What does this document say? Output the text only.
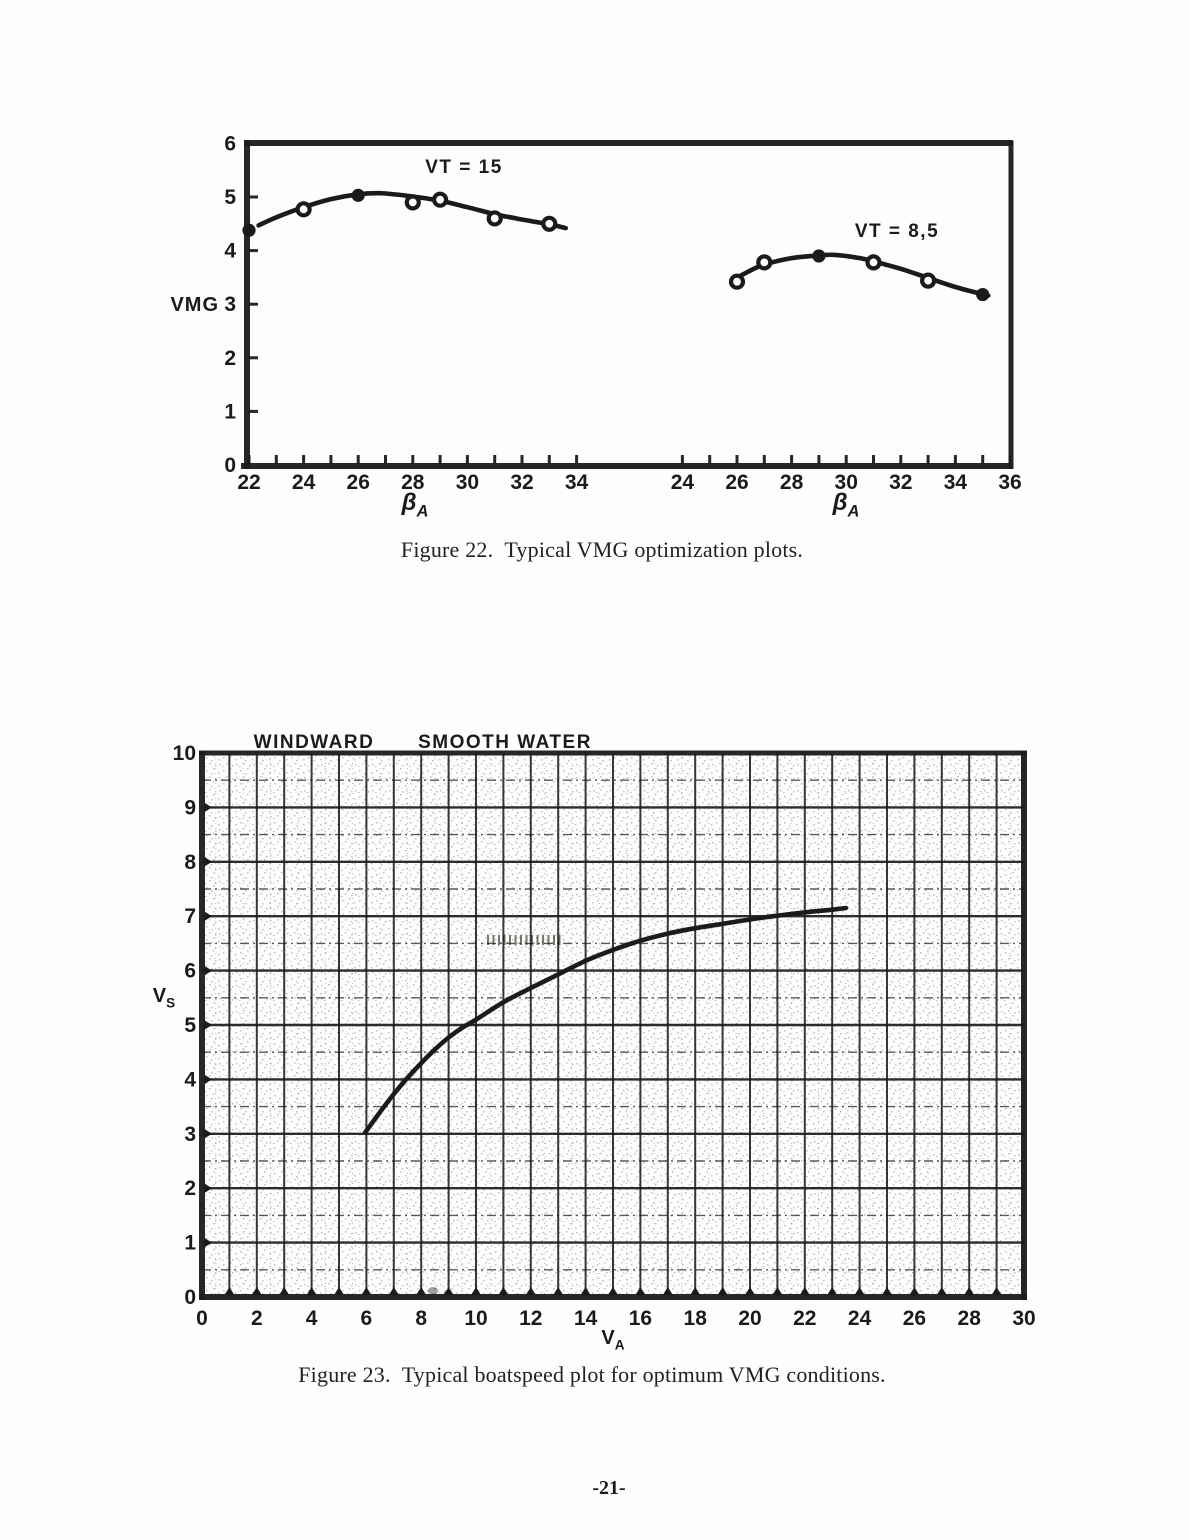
0
1
2
3
4
5
6
VMG
22 24 26 28 30 32 34	24 26 28 30 32 34 36
$\beta_A$	$\beta_A$
VT = 15
VT = 8,5
Figure 22.  Typical VMG optimization plots.
0 2 4 6 8 10 12 14 16 18 20 22 24 26 28 30
$V_A$
0
1
2
3
4
5
6
7
8
9
10
$V_S$
WINDWARD SMOOTH WATER
Figure 23.  Typical boatspeed plot for optimum VMG conditions.
-21-
